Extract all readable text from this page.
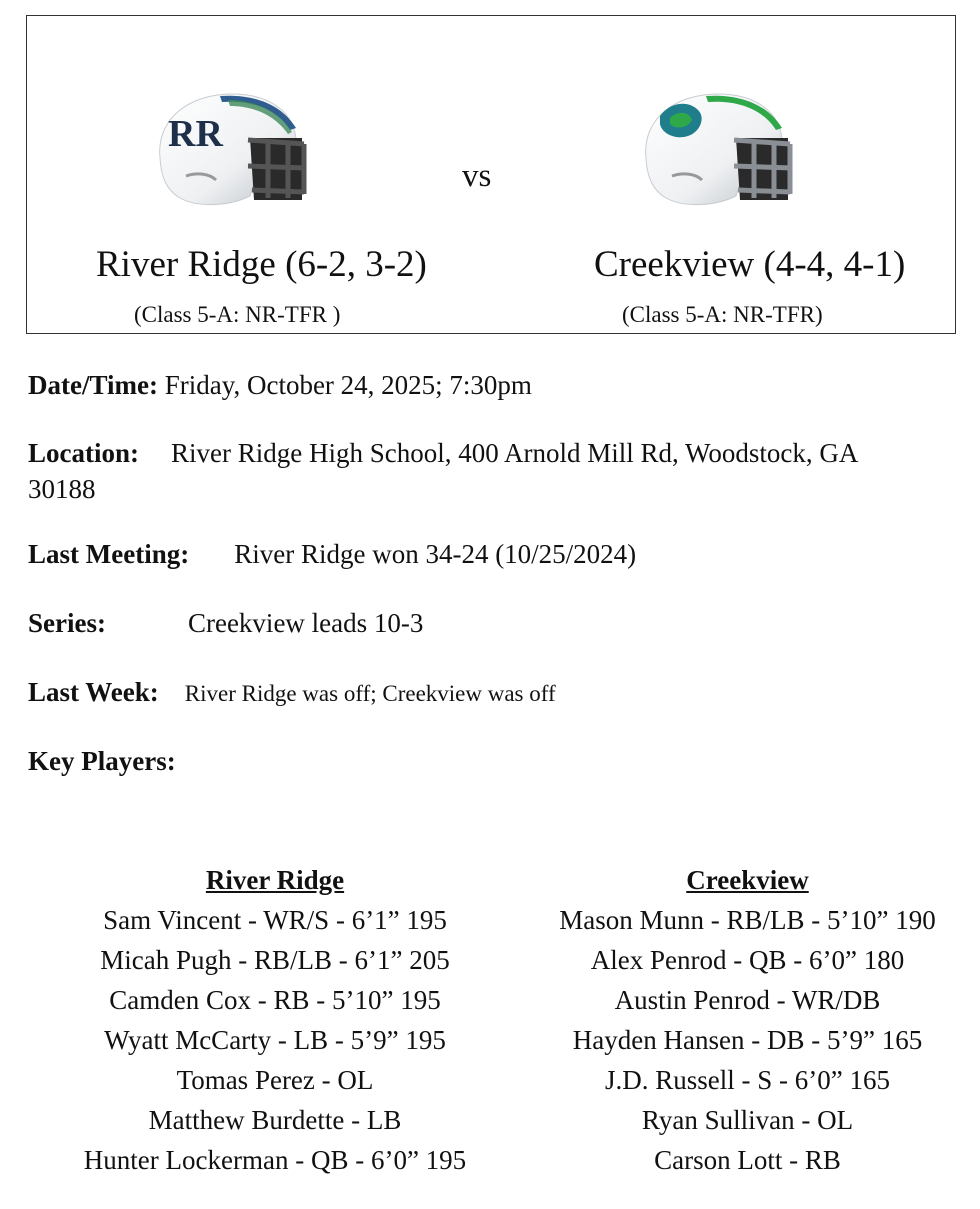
RR
vs
River Ridge (6-2, 3-2)	Creekview (4-4, 4-1)
(Class 5-A: NR-TFR )	(Class 5-A: NR-TFR)
Date/Time: Friday, October 24, 2025; 7:30pm
Location: River Ridge High School, 400 Arnold Mill Rd, Woodstock, GA
30188
Last Meeting: River Ridge won 34-24 (10/25/2024)
Series:	Creekview leads 10-3
Last Week: River Ridge was off; Creekview was off
Key Players:
River Ridge
Sam Vincent - WR/S - 6’1” 195
Micah Pugh - RB/LB - 6’1” 205
Camden Cox - RB - 5’10” 195
Wyatt McCarty - LB - 5’9” 195
Tomas Perez - OL
Matthew Burdette - LB
Hunter Lockerman - QB - 6’0” 195
Creekview
Mason Munn - RB/LB - 5’10” 190
Alex Penrod - QB - 6’0” 180
Austin Penrod - WR/DB
Hayden Hansen - DB - 5’9” 165
J.D. Russell - S - 6’0” 165
Ryan Sullivan - OL
Carson Lott - RB
